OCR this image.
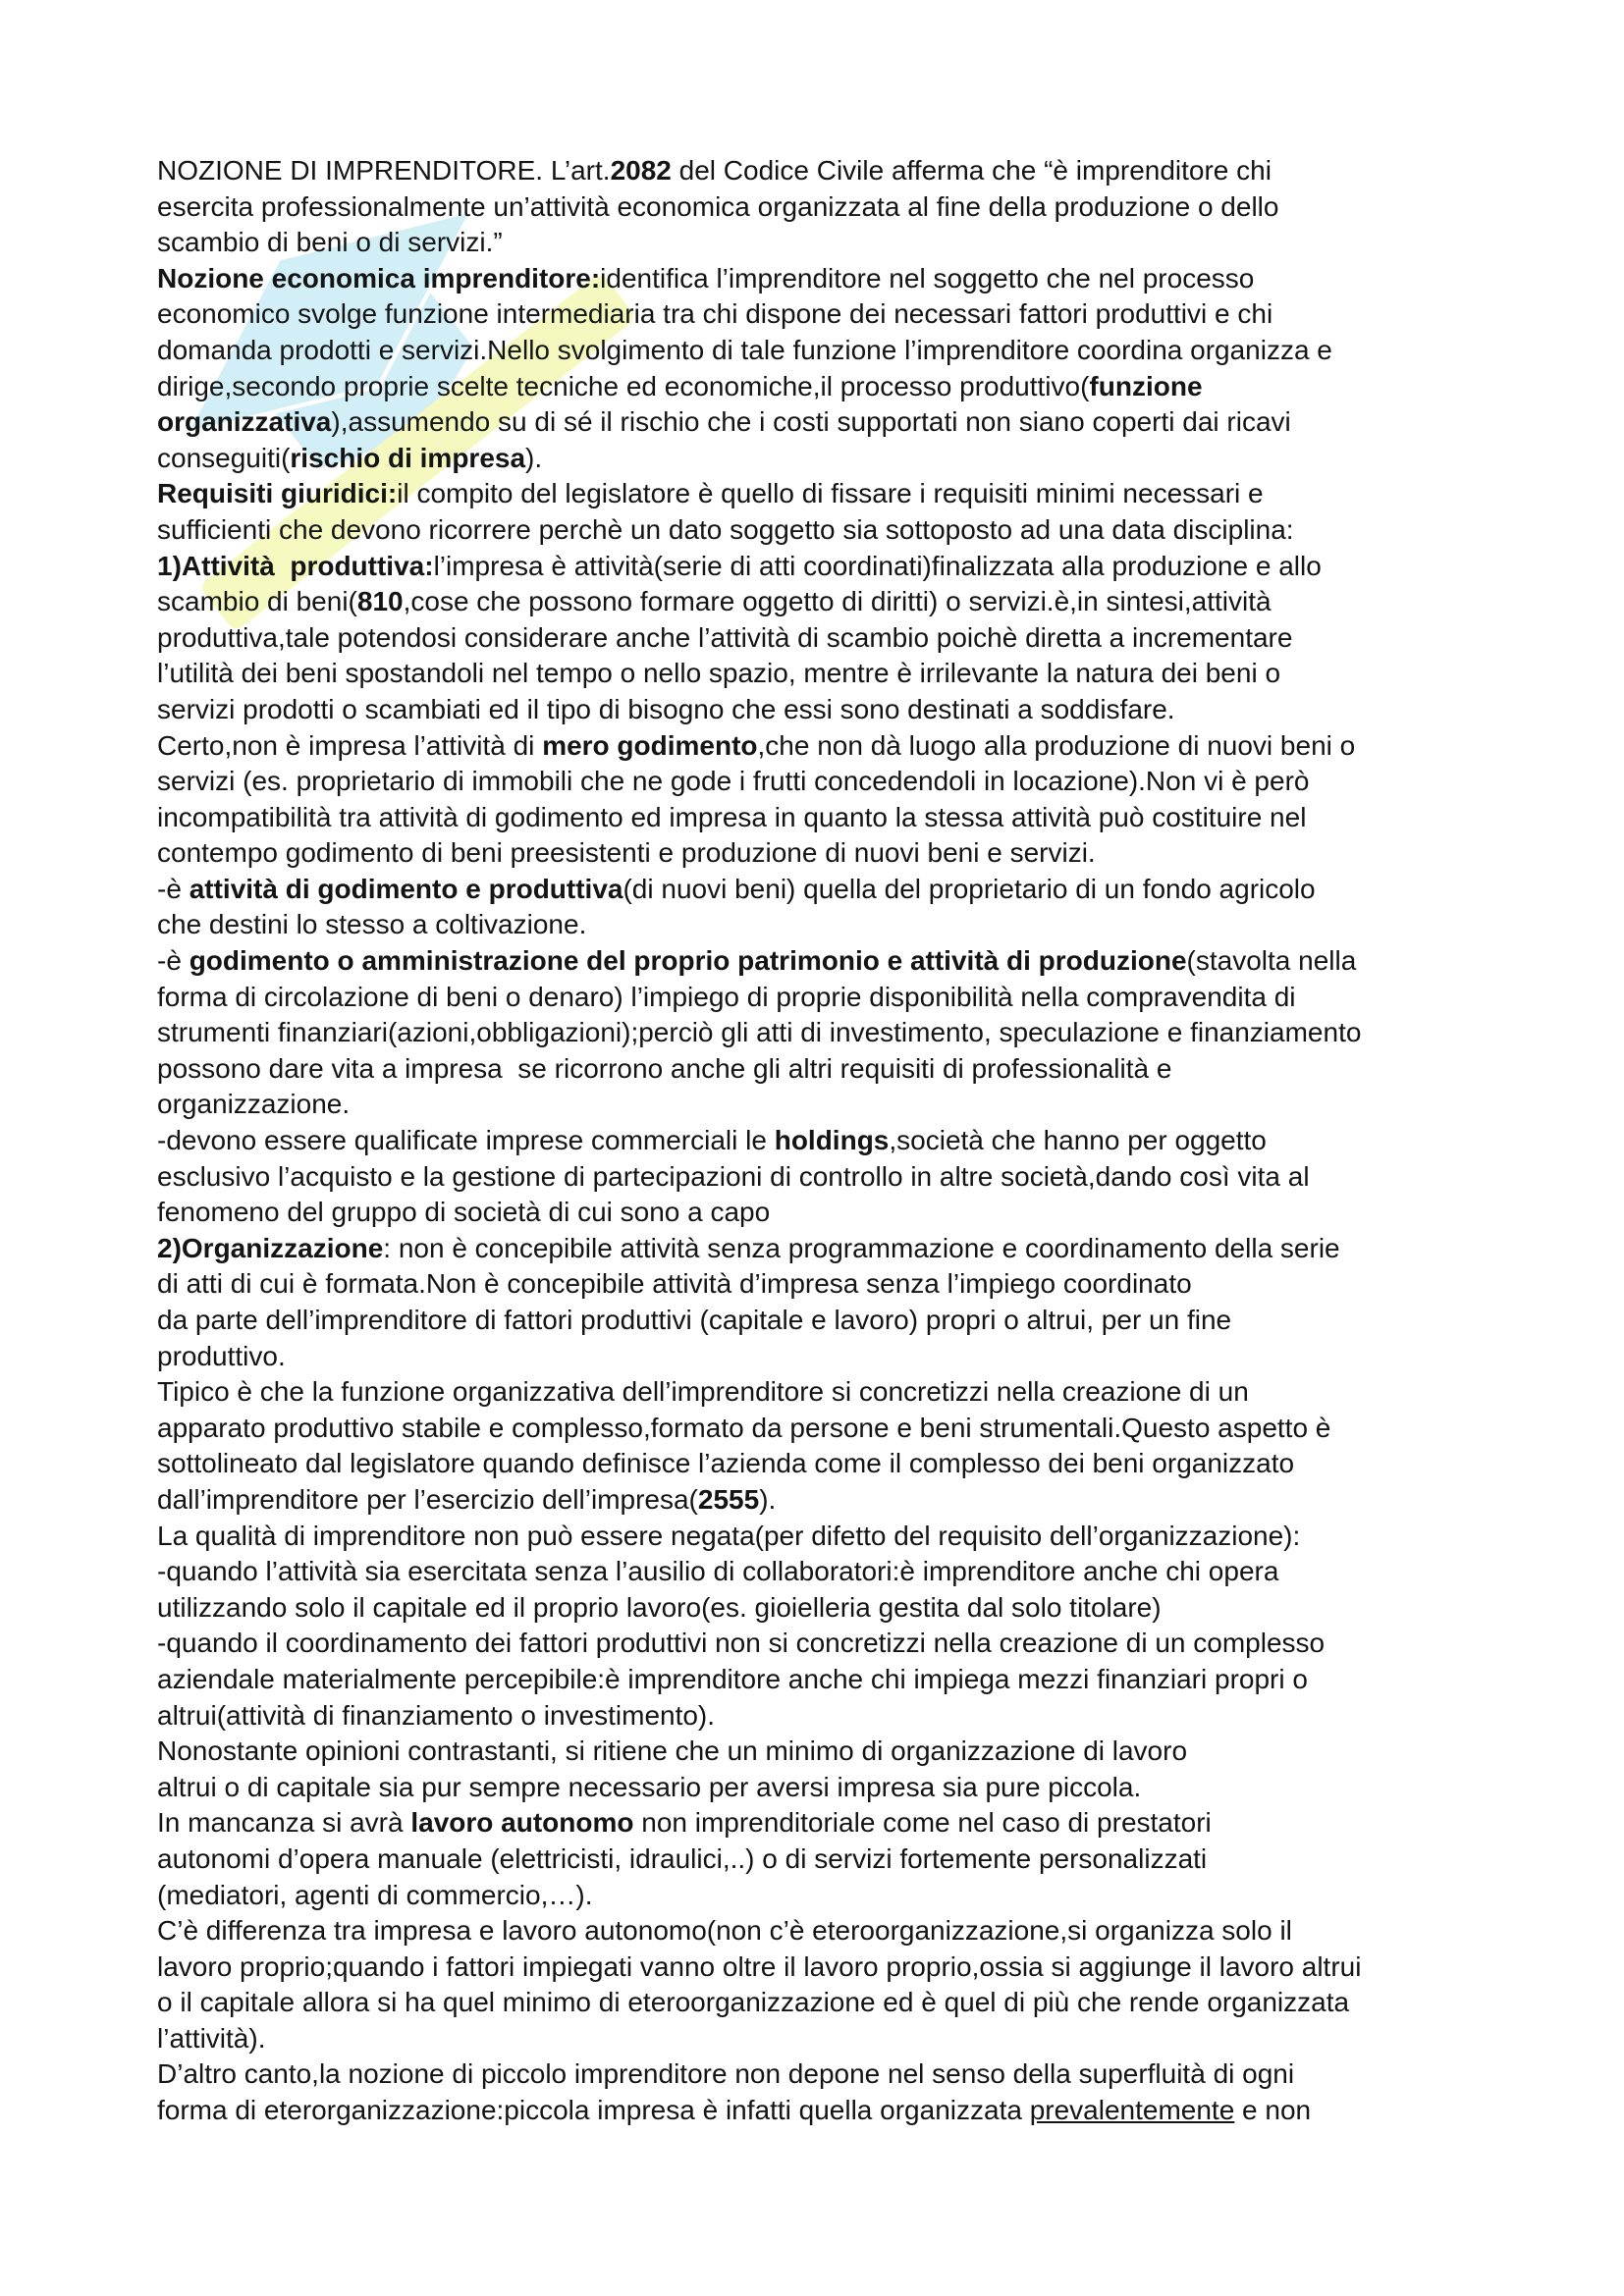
NOZIONE DI IMPRENDITORE. L’art.2082 del Codice Civile afferma che “è imprenditore chi
esercita professionalmente un’attività economica organizzata al fine della produzione o dello
scambio di beni o di servizi.”
Nozione economica imprenditore:identifica l’imprenditore nel soggetto che nel processo
economico svolge funzione intermediaria tra chi dispone dei necessari fattori produttivi e chi
domanda prodotti e servizi.Nello svolgimento di tale funzione l’imprenditore coordina organizza e
dirige,secondo proprie scelte tecniche ed economiche,il processo produttivo(funzione
organizzativa),assumendo su di sé il rischio che i costi supportati non siano coperti dai ricavi
conseguiti(rischio di impresa).
Requisiti giuridici:il compito del legislatore è quello di fissare i requisiti minimi necessari e
sufficienti che devono ricorrere perchè un dato soggetto sia sottoposto ad una data disciplina:
1)Attività  produttiva:l’impresa è attività(serie di atti coordinati)finalizzata alla produzione e allo
scambio di beni(810,cose che possono formare oggetto di diritti) o servizi.è,in sintesi,attività
produttiva,tale potendosi considerare anche l’attività di scambio poichè diretta a incrementare
l’utilità dei beni spostandoli nel tempo o nello spazio, mentre è irrilevante la natura dei beni o
servizi prodotti o scambiati ed il tipo di bisogno che essi sono destinati a soddisfare.
Certo,non è impresa l’attività di mero godimento,che non dà luogo alla produzione di nuovi beni o
servizi (es. proprietario di immobili che ne gode i frutti concedendoli in locazione).Non vi è però
incompatibilità tra attività di godimento ed impresa in quanto la stessa attività può costituire nel
contempo godimento di beni preesistenti e produzione di nuovi beni e servizi.
-è attività di godimento e produttiva(di nuovi beni) quella del proprietario di un fondo agricolo
che destini lo stesso a coltivazione.
-è godimento o amministrazione del proprio patrimonio e attività di produzione(stavolta nella
forma di circolazione di beni o denaro) l’impiego di proprie disponibilità nella compravendita di
strumenti finanziari(azioni,obbligazioni);perciò gli atti di investimento, speculazione e finanziamento
possono dare vita a impresa  se ricorrono anche gli altri requisiti di professionalità e
organizzazione.
-devono essere qualificate imprese commerciali le holdings,società che hanno per oggetto
esclusivo l’acquisto e la gestione di partecipazioni di controllo in altre società,dando così vita al
fenomeno del gruppo di società di cui sono a capo
2)Organizzazione: non è concepibile attività senza programmazione e coordinamento della serie
di atti di cui è formata.Non è concepibile attività d’impresa senza l’impiego coordinato
da parte dell’imprenditore di fattori produttivi (capitale e lavoro) propri o altrui, per un fine
produttivo.
Tipico è che la funzione organizzativa dell’imprenditore si concretizzi nella creazione di un
apparato produttivo stabile e complesso,formato da persone e beni strumentali.Questo aspetto è
sottolineato dal legislatore quando definisce l’azienda come il complesso dei beni organizzato
dall’imprenditore per l’esercizio dell’impresa(2555).
La qualità di imprenditore non può essere negata(per difetto del requisito dell’organizzazione):
-quando l’attività sia esercitata senza l’ausilio di collaboratori:è imprenditore anche chi opera
utilizzando solo il capitale ed il proprio lavoro(es. gioielleria gestita dal solo titolare)
-quando il coordinamento dei fattori produttivi non si concretizzi nella creazione di un complesso
aziendale materialmente percepibile:è imprenditore anche chi impiega mezzi finanziari propri o
altrui(attività di finanziamento o investimento).
Nonostante opinioni contrastanti, si ritiene che un minimo di organizzazione di lavoro
altrui o di capitale sia pur sempre necessario per aversi impresa sia pure piccola.
In mancanza si avrà lavoro autonomo non imprenditoriale come nel caso di prestatori
autonomi d’opera manuale (elettricisti, idraulici,..) o di servizi fortemente personalizzati
(mediatori, agenti di commercio,…).
C’è differenza tra impresa e lavoro autonomo(non c’è eteroorganizzazione,si organizza solo il
lavoro proprio;quando i fattori impiegati vanno oltre il lavoro proprio,ossia si aggiunge il lavoro altrui
o il capitale allora si ha quel minimo di eteroorganizzazione ed è quel di più che rende organizzata
l’attività).
D’altro canto,la nozione di piccolo imprenditore non depone nel senso della superfluità di ogni
forma di eterorganizzazione:piccola impresa è infatti quella organizzata prevalentemente e non
